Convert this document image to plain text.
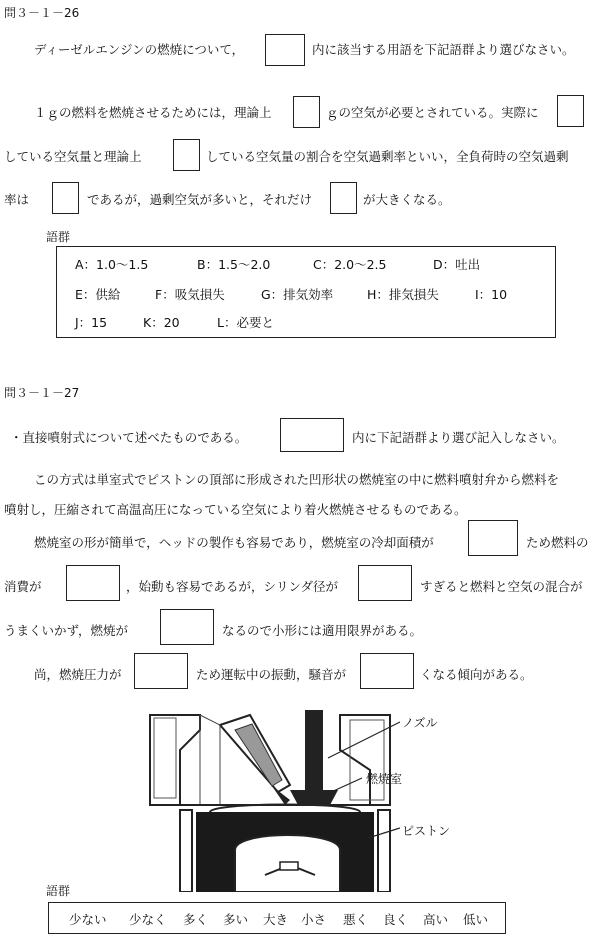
問３－１－26
ディーゼルエンジンの燃焼について，	内に該当する用語を下記語群より選びなさい。
１ｇの燃料を燃焼させるためには，理論上	ｇの空気が必要とされている。実際に
している空気量と理論上	している空気量の割合を空気過剰率といい，全負荷時の空気過剰
率は	であるが，過剰空気が多いと，それだけ	が大きくなる。
語群
A：1.0～1.5	B：1.5～2.0	C：2.0～2.5	D：吐出
E：供給	F：吸気損失	G：排気効率	H：排気損失	I：10
J：15	K：20	L：必要と
問３－１－27
・直接噴射式について述べたものである。	内に下記語群より選び記入しなさい。
この方式は単室式でピストンの頂部に形成された凹形状の燃焼室の中に燃料噴射弁から燃料を
噴射し，圧縮されて高温高圧になっている空気により着火燃焼させるものである。
燃焼室の形が簡単で，ヘッドの製作も容易であり，燃焼室の冷却面積が	ため燃料の
消費が	，始動も容易であるが，シリンダ径が	すぎると燃料と空気の混合が
うまくいかず，燃焼が	なるので小形には適用限界がある。
尚，燃焼圧力が	ため運転中の振動，騒音が	くなる傾向がある。
ノズル
燃焼室
ピストン
語群
少ない 少なく 多く 多い 大き 小さ 悪く 良く 高い 低い
